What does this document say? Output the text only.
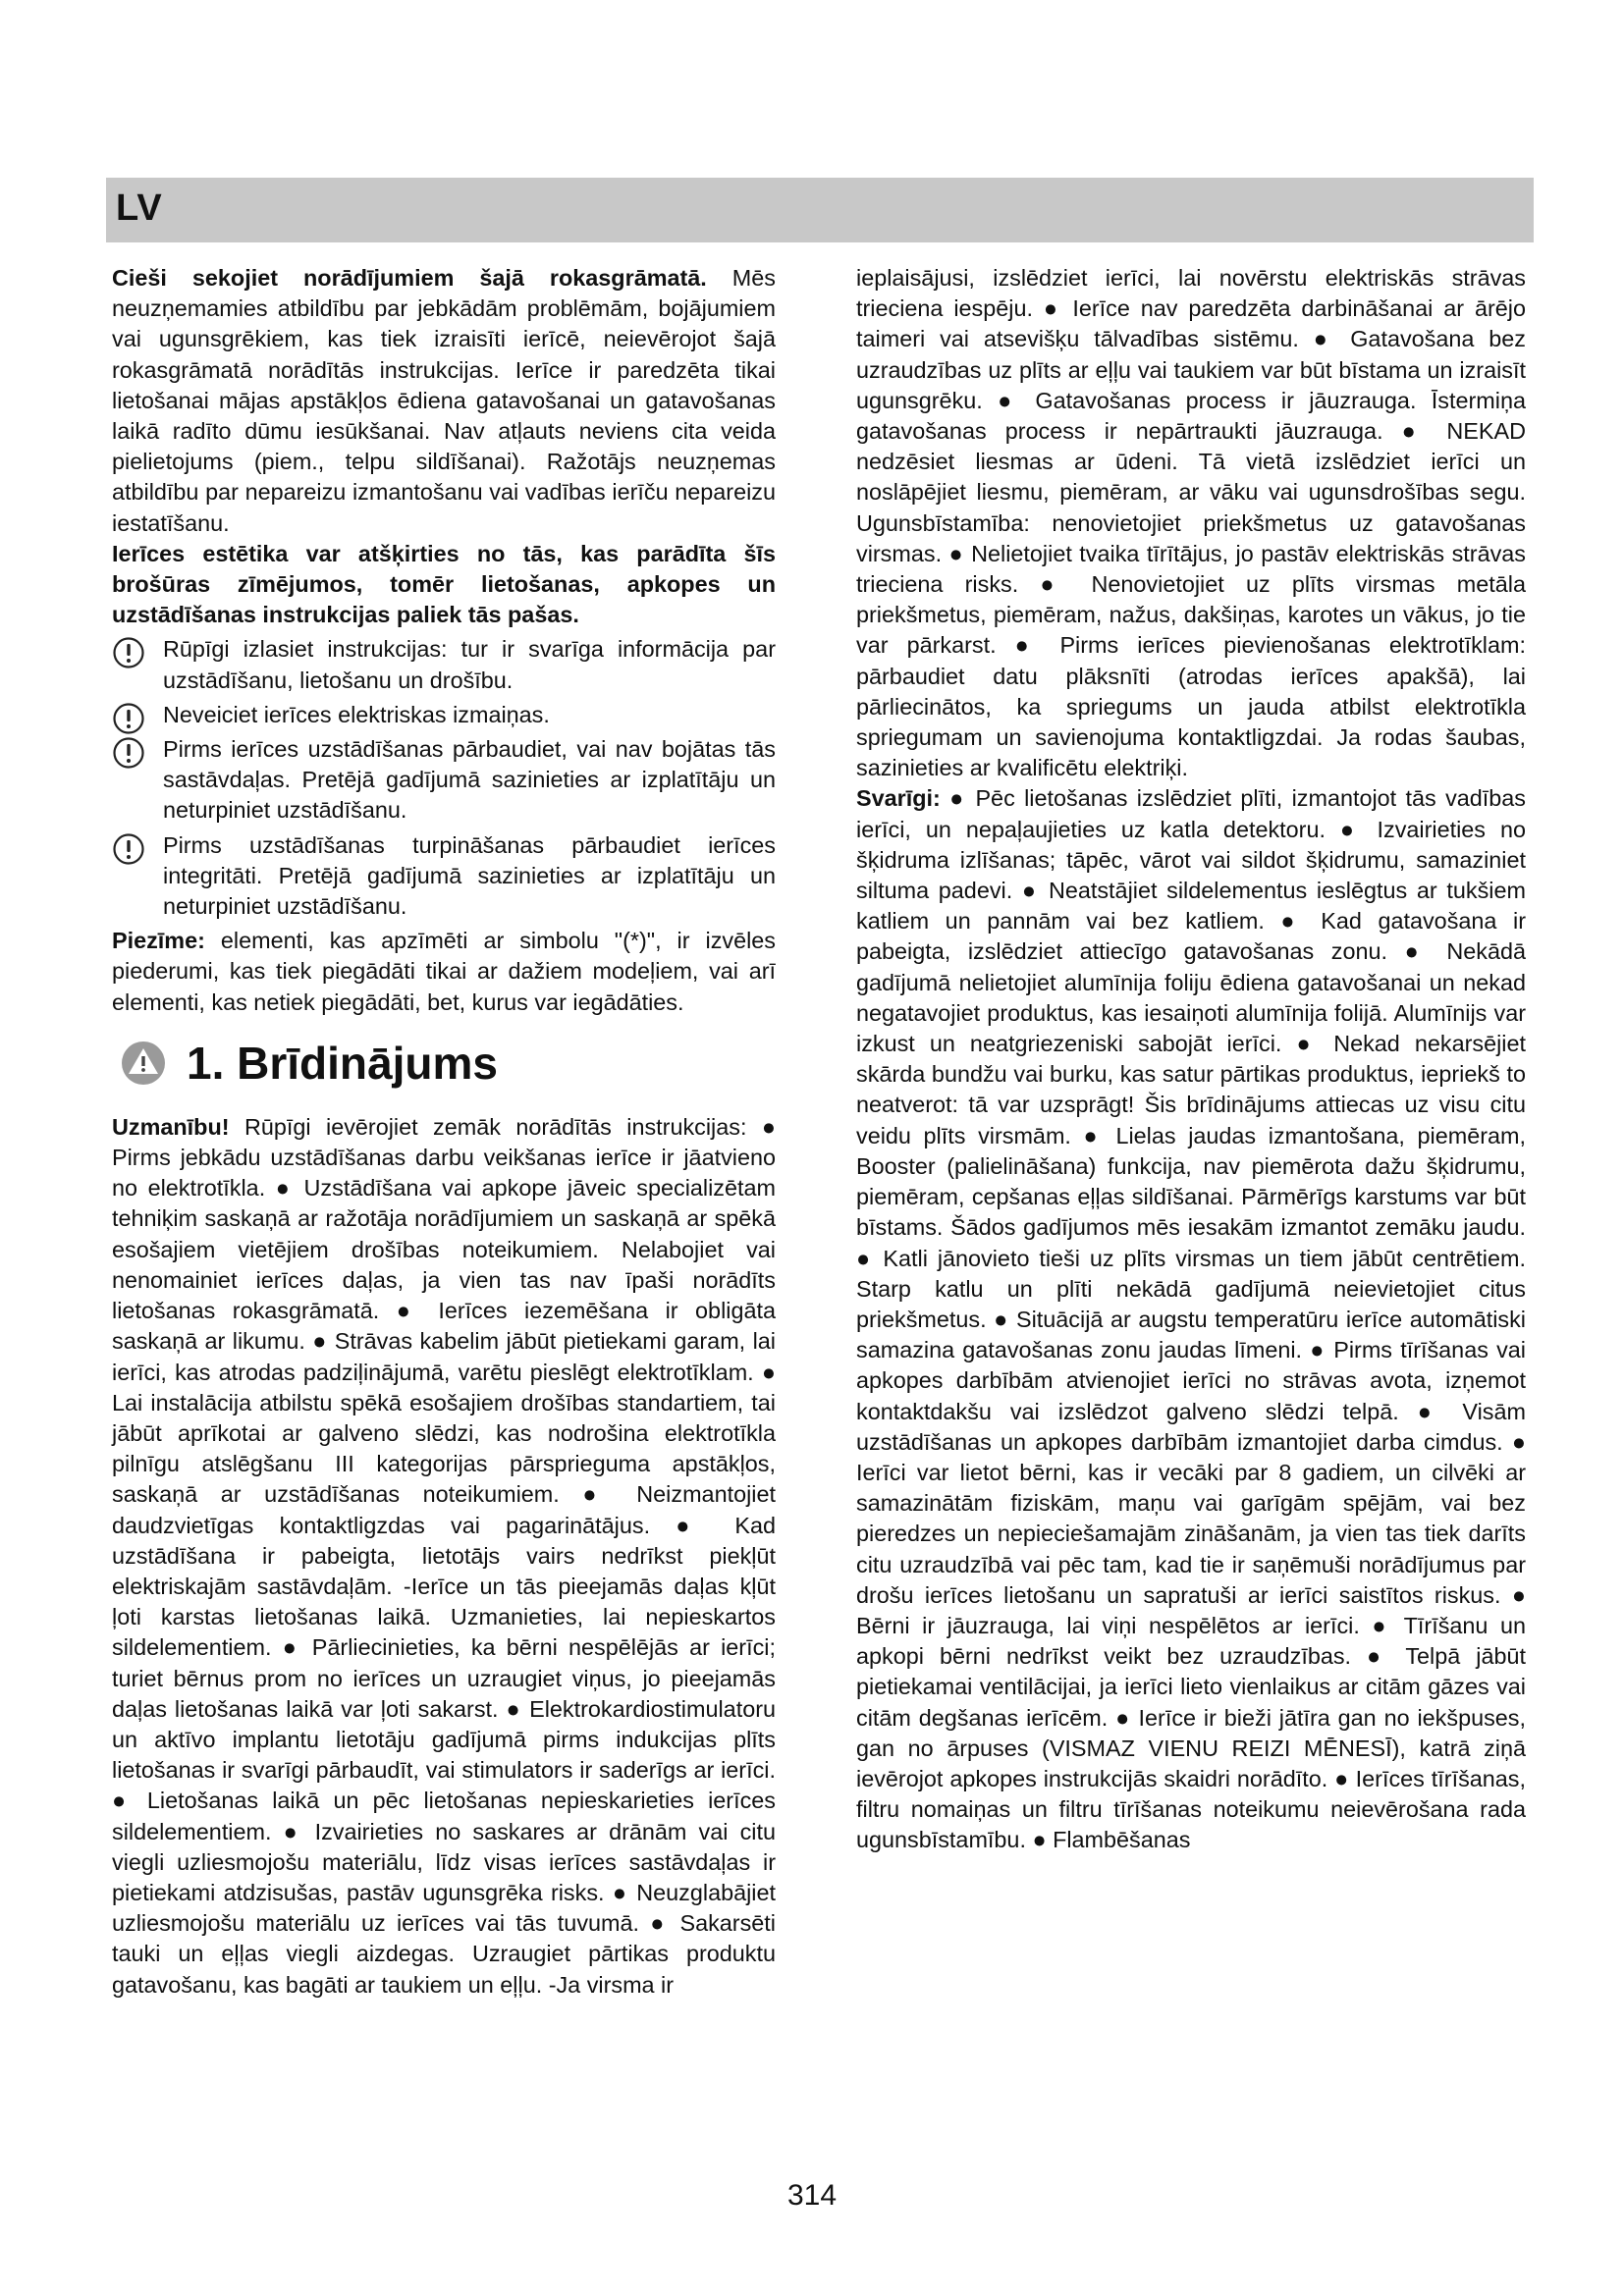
LV

Cieši sekojiet norādījumiem šajā rokasgrāmatā. Mēs neuzņemamies atbildību par jebkādām problēmām, bojājumiem vai ugunsgrēkiem, kas tiek izraisīti ierīcē, neievērojot šajā rokasgrāmatā norādītās instrukcijas. Ierīce ir paredzēta tikai lietošanai mājas apstākļos ēdiena gatavošanai un gatavošanas laikā radīto dūmu iesūkšanai. Nav atļauts neviens cita veida pielietojums (piem., telpu sildīšanai). Ražotājs neuzņemas atbildību par nepareizu izmantošanu vai vadības ierīču nepareizu iestatīšanu.

Ierīces estētika var atšķirties no tās, kas parādīta šīs brošūras zīmējumos, tomēr lietošanas, apkopes un uzstādīšanas instrukcijas paliek tās pašas.

Rūpīgi izlasiet instrukcijas: tur ir svarīga informācija par uzstādīšanu, lietošanu un drošību.
Neveiciet ierīces elektriskas izmaiņas.
Pirms ierīces uzstādīšanas pārbaudiet, vai nav bojātas tās sastāvdaļas. Pretējā gadījumā sazinieties ar izplatītāju un neturpiniet uzstādīšanu.
Pirms uzstādīšanas turpināšanas pārbaudiet ierīces integritāti. Pretējā gadījumā sazinieties ar izplatītāju un neturpiniet uzstādīšanu.

Piezīme: elementi, kas apzīmēti ar simbolu "(*)", ir izvēles piederumi, kas tiek piegādāti tikai ar dažiem modeļiem, vai arī elementi, kas netiek piegādāti, bet, kurus var iegādāties.

1. Brīdinājums

Uzmanību! Rūpīgi ievērojiet zemāk norādītās instrukcijas: ● Pirms jebkādu uzstādīšanas darbu veikšanas ierīce ir jāatvieno no elektrotīkla. ● Uzstādīšana vai apkope jāveic specializētam tehniķim saskaņā ar ražotāja norādījumiem un saskaņā ar spēkā esošajiem vietējiem drošības noteikumiem. Nelabojiet vai nenomainiet ierīces daļas, ja vien tas nav īpaši norādīts lietošanas rokasgrāmatā. ● Ierīces iezemēšana ir obligāta saskaņā ar likumu. ● Strāvas kabelim jābūt pietiekami garam, lai ierīci, kas atrodas padziļinājumā, varētu pieslēgt elektrotīklam. ● Lai instalācija atbilstu spēkā esošajiem drošības standartiem, tai jābūt aprīkotai ar galveno slēdzi, kas nodrošina elektrotīkla pilnīgu atslēgšanu III kategorijas pārsprieguma apstākļos, saskaņā ar uzstādīšanas noteikumiem. ● Neizmantojiet daudzvietīgas kontaktligzdas vai pagarinātājus. ● Kad uzstādīšana ir pabeigta, lietotājs vairs nedrīkst piekļūt elektriskajām sastāvdaļām. -Ierīce un tās pieejamās daļas kļūt ļoti karstas lietošanas laikā. Uzmanieties, lai nepieskartos sildelementiem. ● Pārliecinieties, ka bērni nespēlējās ar ierīci; turiet bērnus prom no ierīces un uzraugiet viņus, jo pieejamās daļas lietošanas laikā var ļoti sakarst. ● Elektrokardiostimulatoru un aktīvo implantu lietotāju gadījumā pirms indukcijas plīts lietošanas ir svarīgi pārbaudīt, vai stimulators ir saderīgs ar ierīci. ● Lietošanas laikā un pēc lietošanas nepieskarieties ierīces sildelementiem. ● Izvairieties no saskares ar drānām vai citu viegli uzliesmojošu materiālu, līdz visas ierīces sastāvdaļas ir pietiekami atdzisušas, pastāv ugunsgrēka risks. ● Neuzglabājiet uzliesmojošu materiālu uz ierīces vai tās tuvumā. ● Sakarsēti tauki un eļļas viegli aizdegas. Uzraugiet pārtikas produktu gatavošanu, kas bagāti ar taukiem un eļļu. -Ja virsma ir

ieplaisājusi, izslēdziet ierīci, lai novērstu elektriskās strāvas trieciena iespēju. ● Ierīce nav paredzēta darbināšanai ar ārējo taimeri vai atsevišķu tālvadības sistēmu. ● Gatavošana bez uzraudzības uz plīts ar eļļu vai taukiem var būt bīstama un izraisīt ugunsgrēku. ● Gatavošanas process ir jāuzrauga. Īstermiņa gatavošanas process ir nepārtraukti jāuzrauga. ● NEKAD nedzēsiet liesmas ar ūdeni. Tā vietā izslēdziet ierīci un noslāpējiet liesmu, piemēram, ar vāku vai ugunsdrošības segu. Ugunsbīstamība: nenovietojiet priekšmetus uz gatavošanas virsmas. ● Nelietojiet tvaika tīrītājus, jo pastāv elektriskās strāvas trieciena risks. ● Nenovietojiet uz plīts virsmas metāla priekšmetus, piemēram, nažus, dakšiņas, karotes un vākus, jo tie var pārkarst. ● Pirms ierīces pievienošanas elektrotīklam: pārbaudiet datu plāksnīti (atrodas ierīces apakšā), lai pārliecinātos, ka spriegums un jauda atbilst elektrotīkla spriegumam un savienojuma kontaktligzdai. Ja rodas šaubas, sazinieties ar kvalificētu elektriķi.

Svarīgi: ● Pēc lietošanas izslēdziet plīti, izmantojot tās vadības ierīci, un nepaļaujieties uz katla detektoru. ● Izvairieties no šķidruma izlīšanas; tāpēc, vārot vai sildot šķidrumu, samaziniet siltuma padevi. ● Neatstājiet sildelementus ieslēgtus ar tukšiem katliem un pannām vai bez katliem. ● Kad gatavošana ir pabeigta, izslēdziet attiecīgo gatavošanas zonu. ● Nekādā gadījumā nelietojiet alumīnija foliju ēdiena gatavošanai un nekad negatavojiet produktus, kas iesaiņoti alumīnija folijā. Alumīnijs var izkust un neatgriezeniski sabojāt ierīci. ● Nekad nekarsējiet skārda bundžu vai burku, kas satur pārtikas produktus, iepriekš to neatverot: tā var uzsprāgt! Šis brīdinājums attiecas uz visu citu veidu plīts virsmām. ● Lielas jaudas izmantošana, piemēram, Booster (palielināšana) funkcija, nav piemērota dažu šķidrumu, piemēram, cepšanas eļļas sildīšanai. Pārmērīgs karstums var būt bīstams. Šādos gadījumos mēs iesakām izmantot zemāku jaudu. ● Katli jānovieto tieši uz plīts virsmas un tiem jābūt centrētiem. Starp katlu un plīti nekādā gadījumā neievietojiet citus priekšmetus. ● Situācijā ar augstu temperatūru ierīce automātiski samazina gatavošanas zonu jaudas līmeni. ● Pirms tīrīšanas vai apkopes darbībām atvienojiet ierīci no strāvas avota, izņemot kontaktdakšu vai izslēdzot galveno slēdzi telpā. ● Visām uzstādīšanas un apkopes darbībām izmantojiet darba cimdus. ● Ierīci var lietot bērni, kas ir vecāki par 8 gadiem, un cilvēki ar samazinātām fiziskām, maņu vai garīgām spējām, vai bez pieredzes un nepieciešamajām zināšanām, ja vien tas tiek darīts citu uzraudzībā vai pēc tam, kad tie ir saņēmuši norādījumus par drošu ierīces lietošanu un sapratuši ar ierīci saistītos riskus. ● Bērni ir jāuzrauga, lai viņi nespēlētos ar ierīci. ● Tīrīšanu un apkopi bērni nedrīkst veikt bez uzraudzības. ● Telpā jābūt pietiekamai ventilācijai, ja ierīci lieto vienlaikus ar citām gāzes vai citām degšanas ierīcēm. ● Ierīce ir bieži jātīra gan no iekšpuses, gan no ārpuses (VISMAZ VIENU REIZI MĒNESĪ), katrā ziņā ievērojot apkopes instrukcijās skaidri norādīto. ● Ierīces tīrīšanas, filtru nomaiņas un filtru tīrīšanas noteikumu neievērošana rada ugunsbīstamību. ● Flambēšanas

314
